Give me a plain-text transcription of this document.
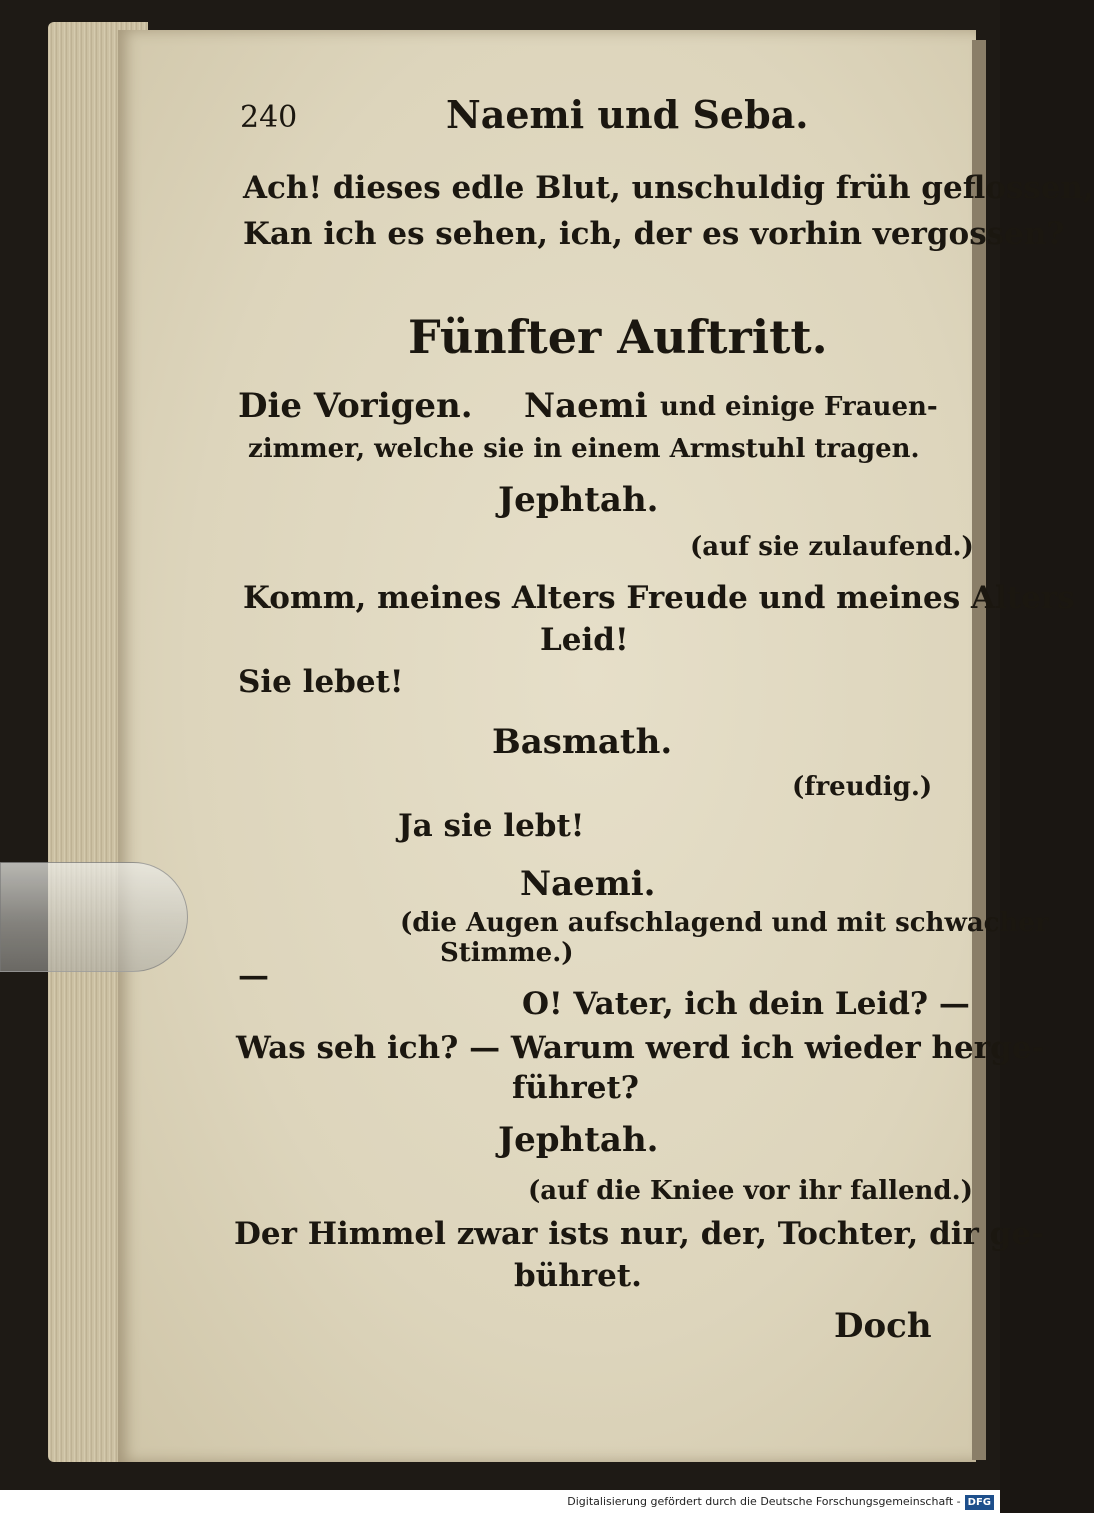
240	Naemi und Seba.
Ach! dieses edle Blut, unschuldig früh geflossen,
Kan ich es sehen, ich, der es vorhin vergossen?
Fünfter Auftritt.
Die Vorigen. Naemi und einige Frauen-
zimmer, welche sie in einem Armstuhl tragen.
Jephtah.
(auf sie zulaufend.)
Komm, meines Alters Freude und meines Alters
Leid!
Sie lebet!
Basmath.
(freudig.)
Ja sie lebt!
Naemi.
(die Augen aufschlagend und mit schwacher
Stimme.)
—
O! Vater, ich dein Leid? —
Was seh ich? — Warum werd ich wieder herge-
führet?
Jephtah.
(auf die Kniee vor ihr fallend.)
Der Himmel zwar ists nur, der, Tochter, dir ge-
bühret.
Doch
Digitalisierung gefördert durch die Deutsche Forschungsgemeinschaft - DFG
